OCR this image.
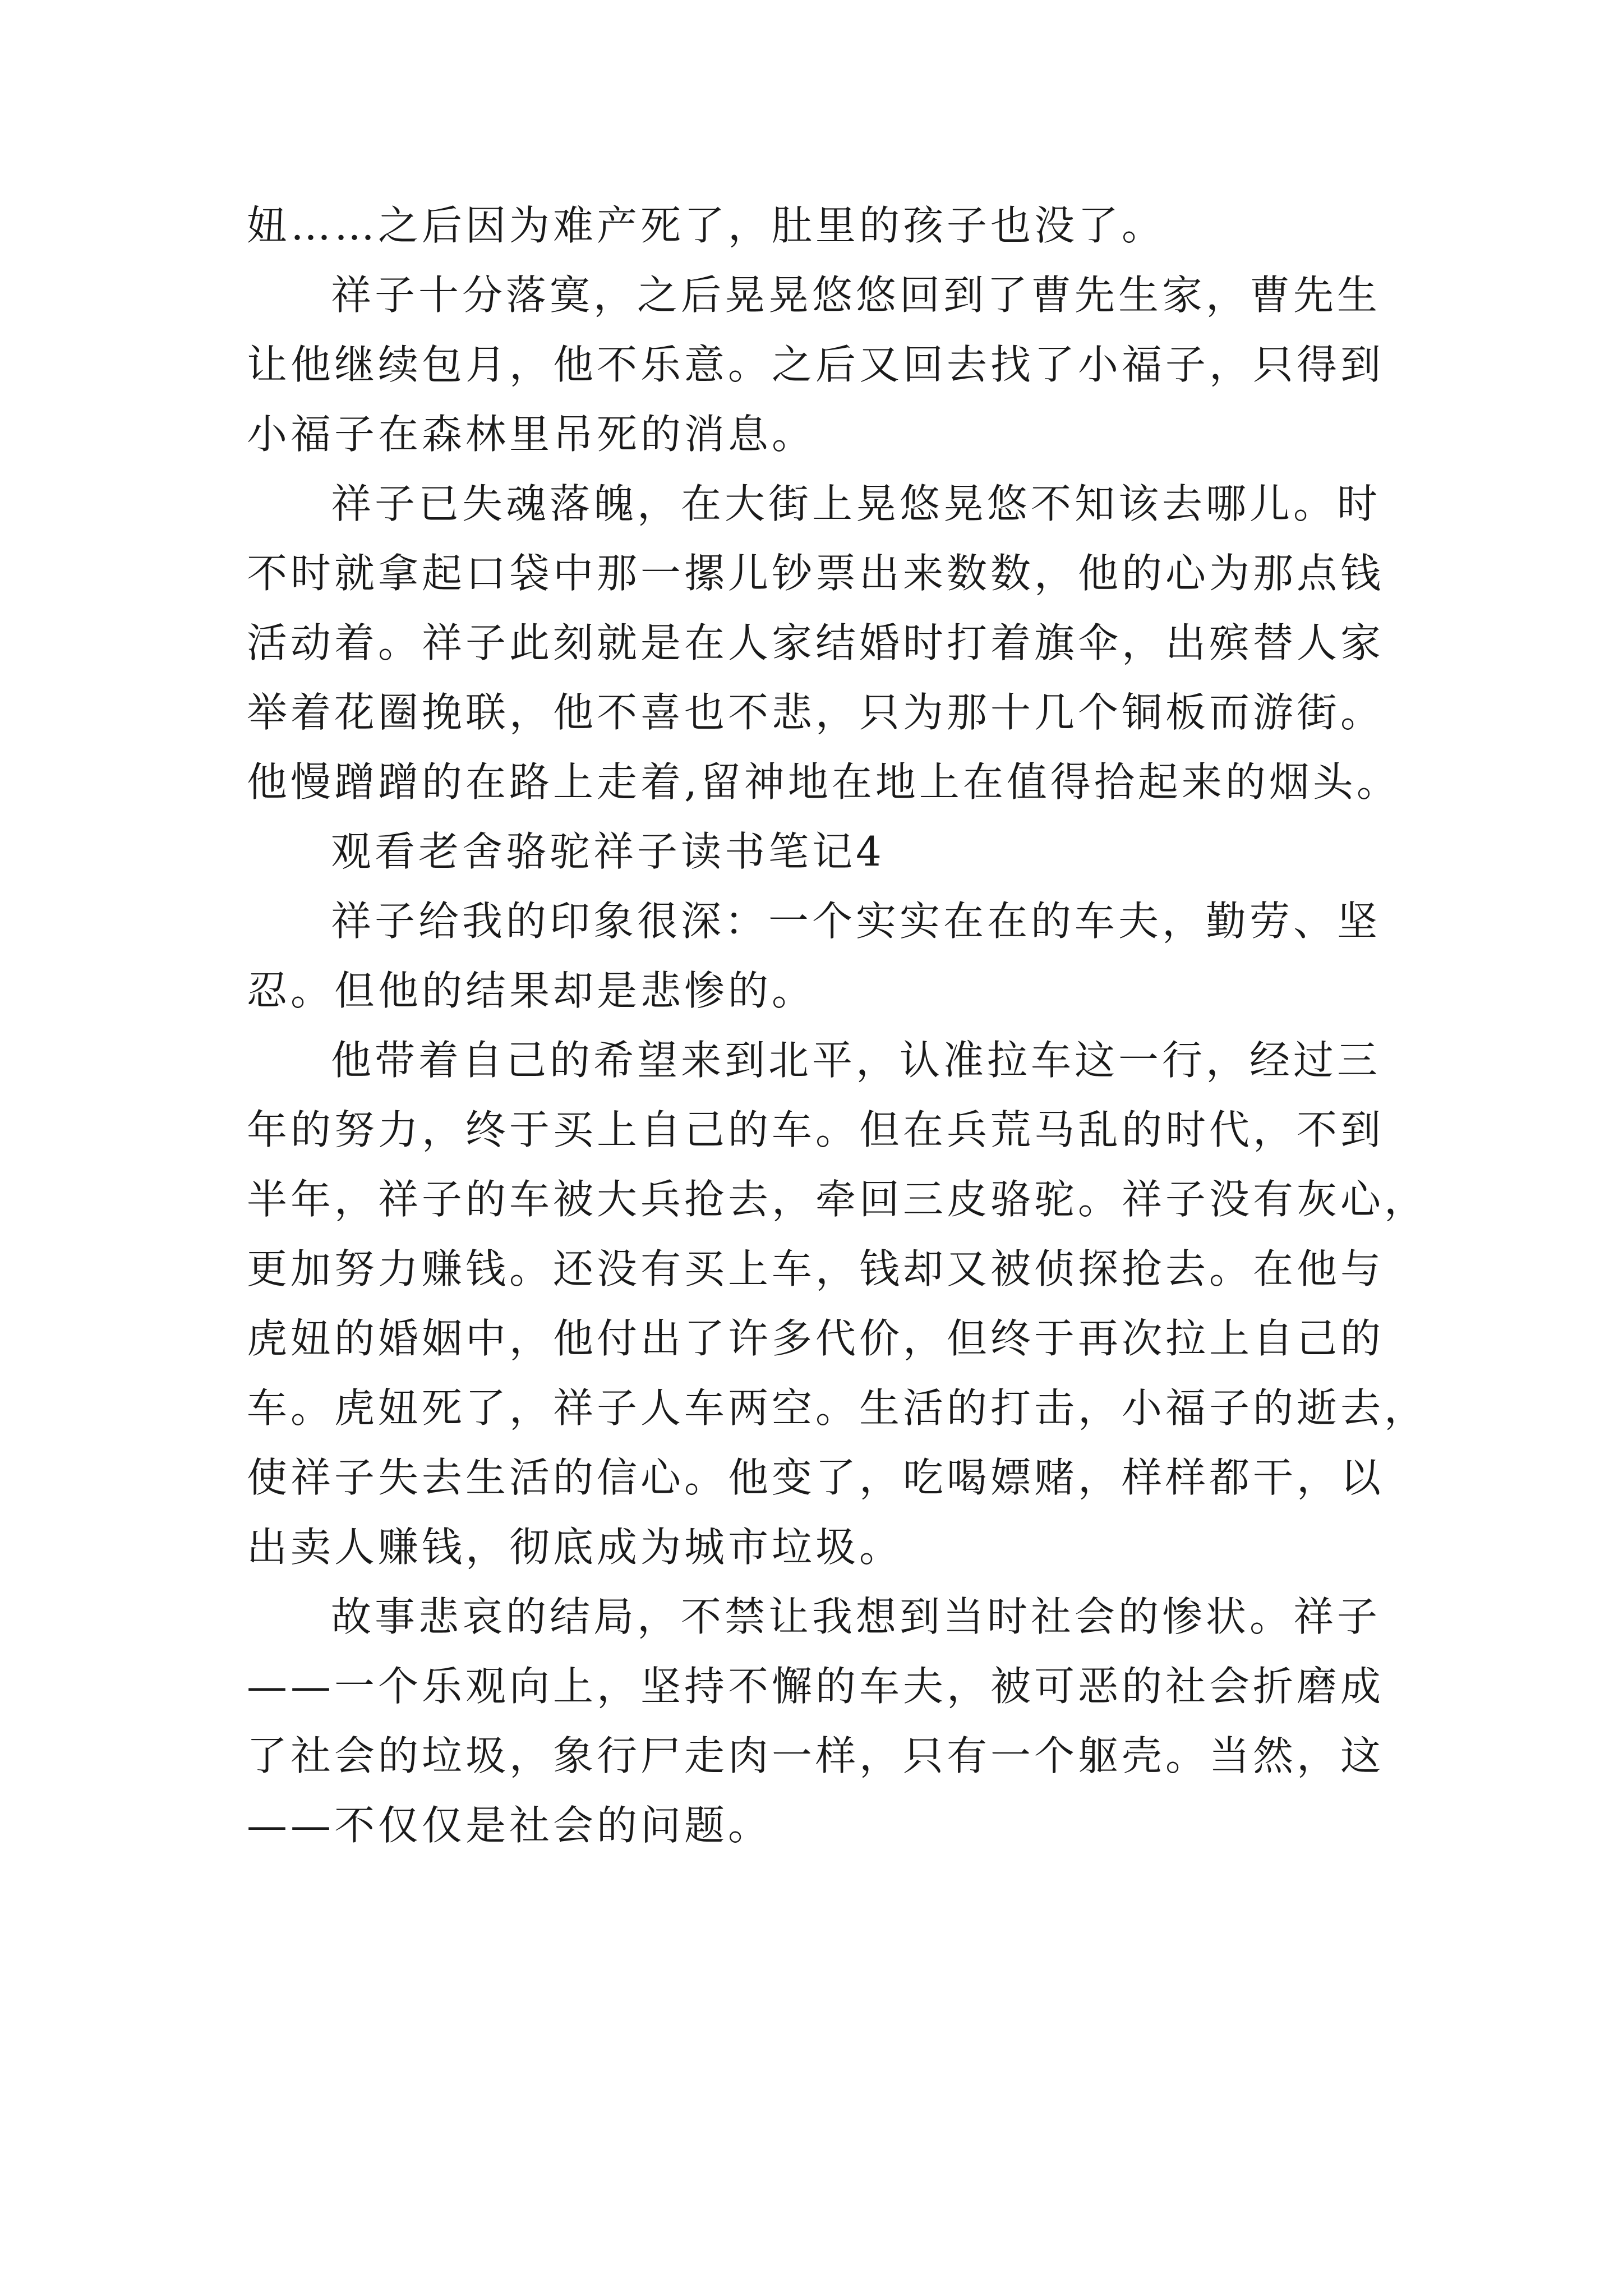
妞……之后因为难产死了，肚里的孩子也没了。

祥子十分落寞，之后晃晃悠悠回到了曹先生家，曹先生
让他继续包月，他不乐意。之后又回去找了小福子，只得到
小福子在森林里吊死的消息。

祥子已失魂落魄，在大街上晃悠晃悠不知该去哪儿。时
不时就拿起口袋中那一摞儿钞票出来数数，他的心为那点钱
活动着。祥子此刻就是在人家结婚时打着旗伞，出殡替人家
举着花圈挽联，他不喜也不悲，只为那十几个铜板而游街。
他慢蹭蹭的在路上走着,留神地在地上在值得拾起来的烟头。

观看老舍骆驼祥子读书笔记4

祥子给我的印象很深：一个实实在在的车夫，勤劳、坚
忍。但他的结果却是悲惨的。

他带着自己的希望来到北平，认准拉车这一行，经过三
年的努力，终于买上自己的车。但在兵荒马乱的时代，不到
半年，祥子的车被大兵抢去，牵回三皮骆驼。祥子没有灰心，
更加努力赚钱。还没有买上车，钱却又被侦探抢去。在他与
虎妞的婚姻中，他付出了许多代价，但终于再次拉上自己的
车。虎妞死了，祥子人车两空。生活的打击，小福子的逝去，
使祥子失去生活的信心。他变了，吃喝嫖赌，样样都干，以
出卖人赚钱，彻底成为城市垃圾。

故事悲哀的结局，不禁让我想到当时社会的惨状。祥子
——一个乐观向上，坚持不懈的车夫，被可恶的社会折磨成
了社会的垃圾，象行尸走肉一样，只有一个躯壳。当然，这
——不仅仅是社会的问题。
